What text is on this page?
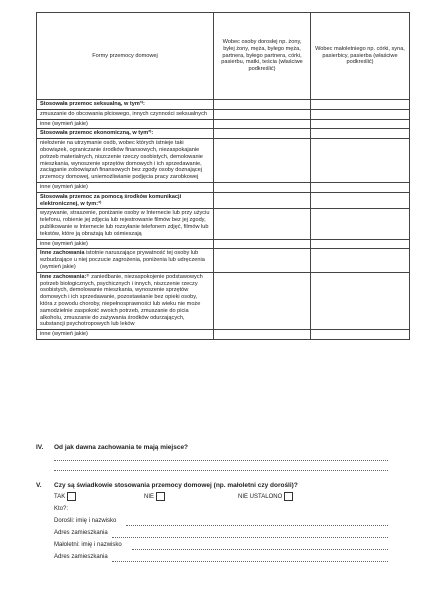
Formy przemocy domowej	Wobec osoby dorosłej np. żony, byłej żony, męża, byłego męża, partnera, byłego partnera, córki, pasierbu, matki, teścia (właściwe podkreślić)	Wobec małoletniego np. córki, syna, pasierbicy, pasierba (właściwe podkreślić)
Stosowała przemoc seksualną, w tym³⁾:		
zmuszanie do obcowania płciowego, innych czynności seksualnych		
inne (wymień jakie)		
Stosowała przemoc ekonomiczną, w tym³⁾:		
niełożenie na utrzymanie osób, wobec których istnieje taki obowiązek, ograniczanie środków finansowych, niezaspokajanie potrzeb materialnych, niszczenie rzeczy osobistych, demolowanie mieszkania, wynoszenie sprzętów domowych i ich sprzedawanie, zaciąganie zobowiązań finansowych bez zgody osoby doznającej przemocy domowej, uniemożliwianie podjęcia pracy zarobkowej		
inne (wymień jakie)		
Stosowała przemoc za pomocą środków komunikacji elektronicznej, w tym:³⁾		
wyzywanie, straszenie, poniżanie osoby w Internecie lub przy użyciu telefonu, robienie jej zdjęcia lub rejestrowanie filmów bez jej zgody, publikowanie w Internecie lub rozsyłanie telefonem zdjęć, filmów lub tekstów, które ją obrażają lub ośmieszają		
inne (wymień jakie)		
Inne zachowania istotnie naruszające prywatność tej osoby lub wzbudzające u niej poczucie zagrożenia, poniżenia lub udręczenia (wymień jakie)		
Inne zachowania:³⁾ zaniedbanie, niezaspokojenie podstawowych potrzeb biologicznych, psychicznych i innych, niszczenie rzeczy osobistych, demolowanie mieszkania, wynoszenie sprzętów domowych i ich sprzedawanie, pozostawianie bez opieki osoby, która z powodu choroby, niepełnosprawności lub wieku nie może samodzielnie zaspokoić swoich potrzeb, zmuszanie do picia alkoholu, zmuszanie do zażywania środków odurzających, substancji psychotropowych lub leków		
inne (wymień jakie)		
IV. Od jak dawna zachowania te mają miejsce?
V. Czy są świadkowie stosowania przemocy domowej (np. małoletni czy dorośli)?
TAK	NIE	NIE USTALONO
Kto?:
Dorośli: imię i nazwisko
Adres zamieszkania
Małoletni: imię i nazwisko
Adres zamieszkania
